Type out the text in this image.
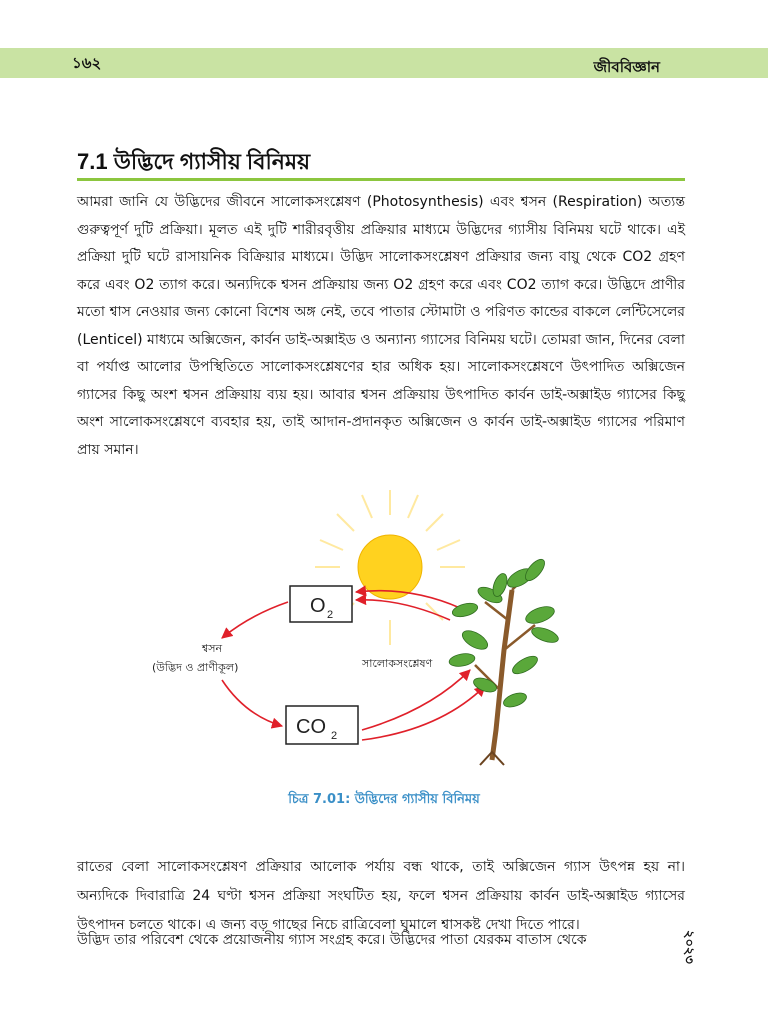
১৬২	জীববিজ্ঞান
7.1 উদ্ভিদে গ্যাসীয় বিনিময়

আমরা জানি যে উদ্ভিদের জীবনে সালোকসংশ্লেষণ (Photosynthesis) এবং শ্বসন (Respiration) অত্যন্ত গুরুত্বপূর্ণ দুটি প্রক্রিয়া। মূলত এই দুটি শারীরবৃত্তীয় প্রক্রিয়ার মাধ্যমে উদ্ভিদের গ্যাসীয় বিনিময় ঘটে থাকে। এই প্রক্রিয়া দুটি ঘটে রাসায়নিক বিক্রিয়ার মাধ্যমে। উদ্ভিদ সালোকসংশ্লেষণ প্রক্রিয়ার জন্য বায়ু থেকে CO2 গ্রহণ করে এবং O2 ত্যাগ করে। অন্যদিকে শ্বসন প্রক্রিয়ায় জন্য O2 গ্রহণ করে এবং CO2 ত্যাগ করে। উদ্ভিদে প্রাণীর মতো শ্বাস নেওয়ার জন্য কোনো বিশেষ অঙ্গ নেই, তবে পাতার স্টোমাটা ও পরিণত কান্ডের বাকলে লেন্টিসেলের (Lenticel) মাধ্যমে অক্সিজেন, কার্বন ডাই-অক্সাইড ও অন্যান্য গ্যাসের বিনিময় ঘটে। তোমরা জান, দিনের বেলা বা পর্যাপ্ত আলোর উপস্থিতিতে সালোকসংশ্লেষণের হার অধিক হয়। সালোকসংশ্লেষণে উৎপাদিত অক্সিজেন গ্যাসের কিছু অংশ শ্বসন প্রক্রিয়ায় ব্যয় হয়। আবার শ্বসন প্রক্রিয়ায় উৎপাদিত কার্বন ডাই-অক্সাইড গ্যাসের কিছু অংশ সালোকসংশ্লেষণে ব্যবহার হয়, তাই আদান-প্রদানকৃত অক্সিজেন ও কার্বন ডাই-অক্সাইড গ্যাসের পরিমাণ প্রায় সমান।

O 2
CO 2
শ্বসন
(উদ্ভিদ ও প্রাণীকূল)	সালোকসংশ্লেষণ
চিত্র 7.01: উদ্ভিদের গ্যাসীয় বিনিময়

রাতের বেলা সালোকসংশ্লেষণ প্রক্রিয়ার আলোক পর্যায় বন্ধ থাকে, তাই অক্সিজেন গ্যাস উৎপন্ন হয় না। অন্যদিকে দিবারাত্রি 24 ঘণ্টা শ্বসন প্রক্রিয়া সংঘটিত হয়, ফলে শ্বসন প্রক্রিয়ায় কার্বন ডাই-অক্সাইড গ্যাসের উৎপাদন চলতে থাকে। এ জন্য বড় গাছের নিচে রাত্রিবেলা ঘুমালে শ্বাসকষ্ট দেখা দিতে পারে।

উদ্ভিদ তার পরিবেশ থেকে প্রয়োজনীয় গ্যাস সংগ্রহ করে। উদ্ভিদের পাতা যেরকম বাতাস থেকে	২০২৩
